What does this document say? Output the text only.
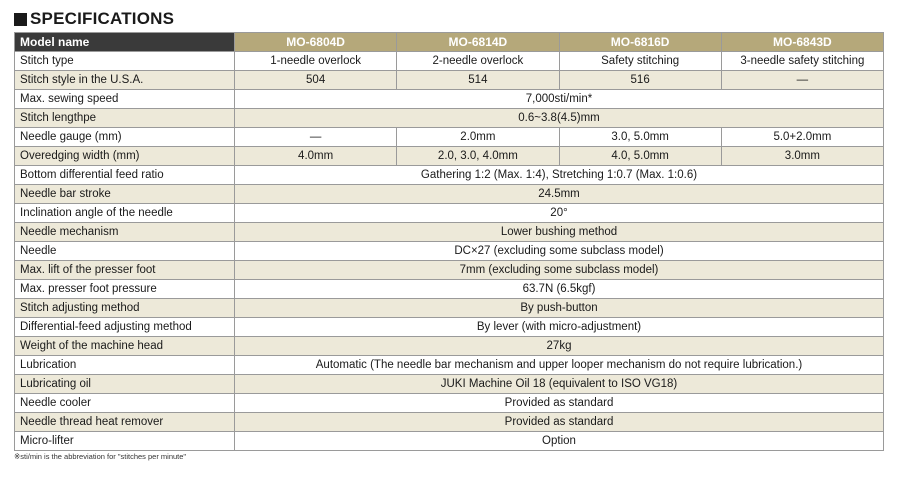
SPECIFICATIONS
Model name	MO-6804D	MO-6814D	MO-6816D	MO-6843D
Stitch type	1-needle overlock	2-needle overlock	Safety stitching	3-needle safety stitching
Stitch style in the U.S.A.	504	514	516	—
Max. sewing speed	7,000sti/min*			
Stitch lengthpe	0.6~3.8(4.5)mm			
Needle gauge (mm)	—	2.0mm	3.0, 5.0mm	5.0+2.0mm
Overedging width (mm)	4.0mm	2.0, 3.0, 4.0mm	4.0, 5.0mm	3.0mm
Bottom differential feed ratio	Gathering 1:2 (Max. 1:4), Stretching 1:0.7 (Max. 1:0.6)			
Needle bar stroke	24.5mm			
Inclination angle of the needle	20°			
Needle mechanism	Lower bushing method			
Needle	DC×27 (excluding some subclass model)			
Max. lift of the presser foot	7mm (excluding some subclass model)			
Max. presser foot pressure	63.7N (6.5kgf)			
Stitch adjusting method	By push-button			
Differential-feed adjusting method	By lever (with micro-adjustment)			
Weight of the machine head	27kg			
Lubrication	Automatic (The needle bar mechanism and upper looper mechanism do not require lubrication.)			
Lubricating oil	JUKI Machine Oil 18 (equivalent to ISO VG18)			
Needle cooler	Provided as standard			
Needle thread heat remover	Provided as standard			
Micro-lifter	Option			
※sti/min is the abbreviation for "stitches per minute"
